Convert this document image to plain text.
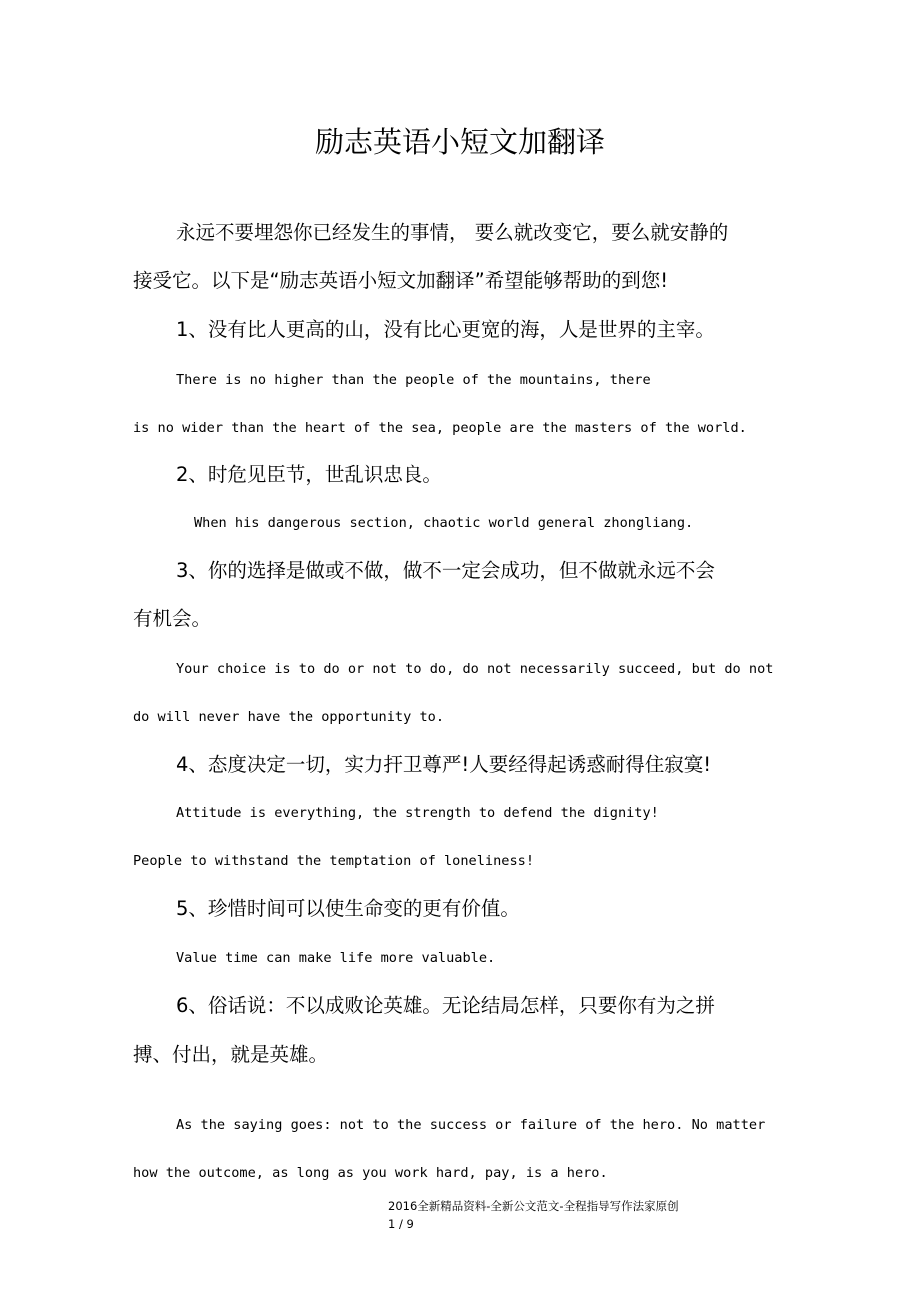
励志英语小短文加翻译
永远不要埋怨你已经发生的事情， 要么就改变它，要么就安静的
接受它。以下是“励志英语小短文加翻译”希望能够帮助的到您!
1、没有比人更高的山，没有比心更宽的海，人是世界的主宰。
There is no higher than the people of the mountains, there
is no wider than the heart of the sea, people are the masters of the world.
2、时危见臣节，世乱识忠良。
When his dangerous section, chaotic world general zhongliang.
3、你的选择是做或不做，做不一定会成功，但不做就永远不会
有机会。
Your choice is to do or not to do, do not necessarily succeed, but do not
do will never have the opportunity to.
4、态度决定一切，实力扞卫尊严!人要经得起诱惑耐得住寂寞!
Attitude is everything, the strength to defend the dignity!
People to withstand the temptation of loneliness!
5、珍惜时间可以使生命变的更有价值。
Value time can make life more valuable.
6、俗话说：不以成败论英雄。无论结局怎样，只要你有为之拼
搏、付出，就是英雄。
As the saying goes: not to the success or failure of the hero. No matter
how the outcome, as long as you work hard, pay, is a hero.
2016全新精品资料-全新公文范文-全程指导写作法家原创
1 / 9
